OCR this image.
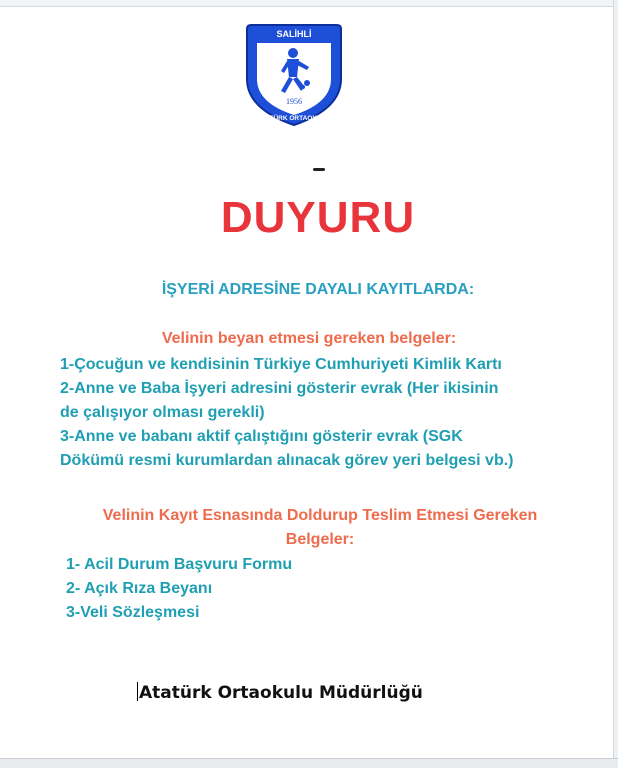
SALİHLİ
1956
ATATÜRK ORTAOKULU
DUYURU
İŞYERİ ADRESİNE DAYALI KAYITLARDA:
Velinin beyan etmesi gereken belgeler:
1-Çocuğun ve kendisinin Türkiye Cumhuriyeti Kimlik Kartı
2-Anne ve Baba İşyeri adresini gösterir evrak (Her ikisinin
de çalışıyor olması gerekli)
3-Anne ve babanı aktif çalıştığını gösterir evrak (SGK
Dökümü resmi kurumlardan alınacak görev yeri belgesi vb.)
Velinin Kayıt Esnasında Doldurup Teslim Etmesi Gereken
Belgeler:
1- Acil Durum Başvuru Formu
2- Açık Rıza Beyanı
3-Veli Sözleşmesi
Atatürk Ortaokulu Müdürlüğü
